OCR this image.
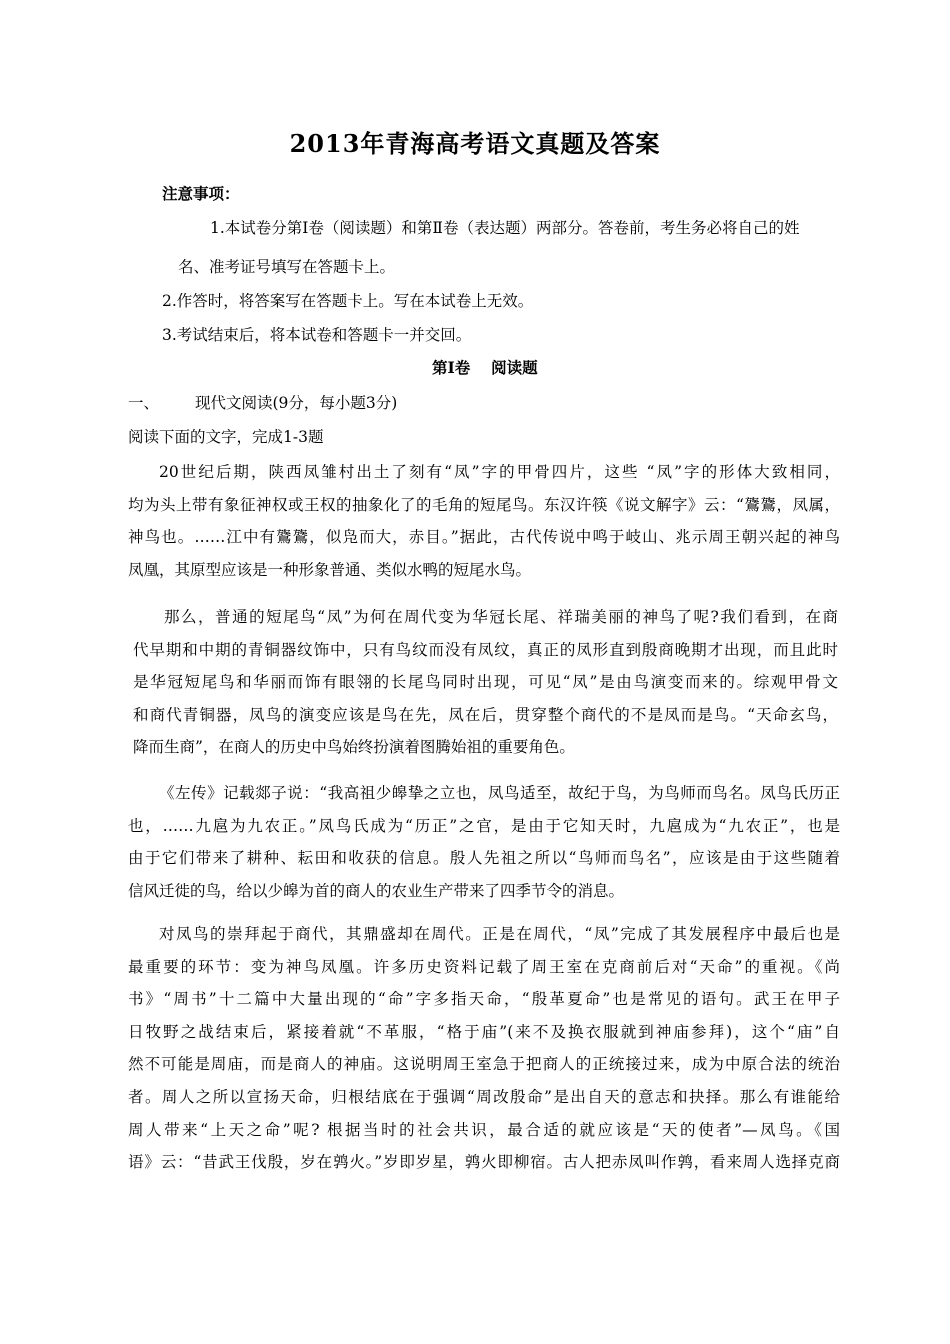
2013年青海高考语文真题及答案
注意事项：
1.本试卷分第Ⅰ卷（阅读题）和第Ⅱ卷（表达题）两部分。答卷前，考生务必将自己的姓
名、准考证号填写在答题卡上。
2.作答时，将答案写在答题卡上。写在本试卷上无效。
3.考试结束后，将本试卷和答题卡一并交回。
第Ⅰ卷　 阅读题
一、 现代文阅读(9分，每小题3分)
阅读下面的文字，完成1-3题
20世纪后期，陕西凤雏村出土了刻有“凤”字的甲骨四片，这些 “凤”字的形体大致相同，
均为头上带有象征神权或王权的抽象化了的毛角的短尾鸟。东汉许筷《说文解字》云：“鷟鷟，凤属，
神鸟也。……江中有鷟鷟，似凫而大，赤目。”据此，古代传说中鸣于岐山、兆示周王朝兴起的神鸟
凤凰，其原型应该是一种形象普通、类似水鸭的短尾水鸟。
那么，普通的短尾鸟“凤”为何在周代变为华冠长尾、祥瑞美丽的神鸟了呢?我们看到，在商
代早期和中期的青铜器纹饰中，只有鸟纹而没有凤纹，真正的凤形直到殷商晚期才出现，而且此时
是华冠短尾鸟和华丽而饰有眼翎的长尾鸟同时出现，可见“凤”是由鸟演变而来的。综观甲骨文
和商代青铜器，凤鸟的演变应该是鸟在先，凤在后，贯穿整个商代的不是凤而是鸟。“天命玄鸟，
降而生商”，在商人的历史中鸟始终扮演着图腾始祖的重要角色。
《左传》记载郯子说：“我高祖少皞挚之立也，凤鸟适至，故纪于鸟，为鸟师而鸟名。凤鸟氏历正
也，……九扈为九农正。”凤鸟氏成为“历正”之官，是由于它知天时，九扈成为“九农正”，也是
由于它们带来了耕种、耘田和收获的信息。殷人先祖之所以“鸟师而鸟名”，应该是由于这些随着
信风迁徙的鸟，给以少皞为首的商人的农业生产带来了四季节令的消息。
对凤鸟的崇拜起于商代，其鼎盛却在周代。正是在周代，“凤”完成了其发展程序中最后也是
最重要的环节：变为神鸟凤凰。许多历史资料记载了周王室在克商前后对“天命”的重视。《尚
书》“周书”十二篇中大量出现的“命”字多指天命，“殷革夏命”也是常见的语句。武王在甲子
日牧野之战结束后，紧接着就“不革服，“格于庙”(来不及换衣服就到神庙参拜)，这个“庙”自
然不可能是周庙，而是商人的神庙。这说明周王室急于把商人的正统接过来，成为中原合法的统治
者。周人之所以宣扬天命，归根结底在于强调“周改殷命”是出自天的意志和抉择。那么有谁能给
周人带来“上天之命”呢? 根据当时的社会共识，最合适的就应该是“天的使者”—凤鸟。《国
语》云：“昔武王伐殷，岁在鹑火。”岁即岁星，鹑火即柳宿。古人把赤凤叫作鹑，看来周人选择克商
